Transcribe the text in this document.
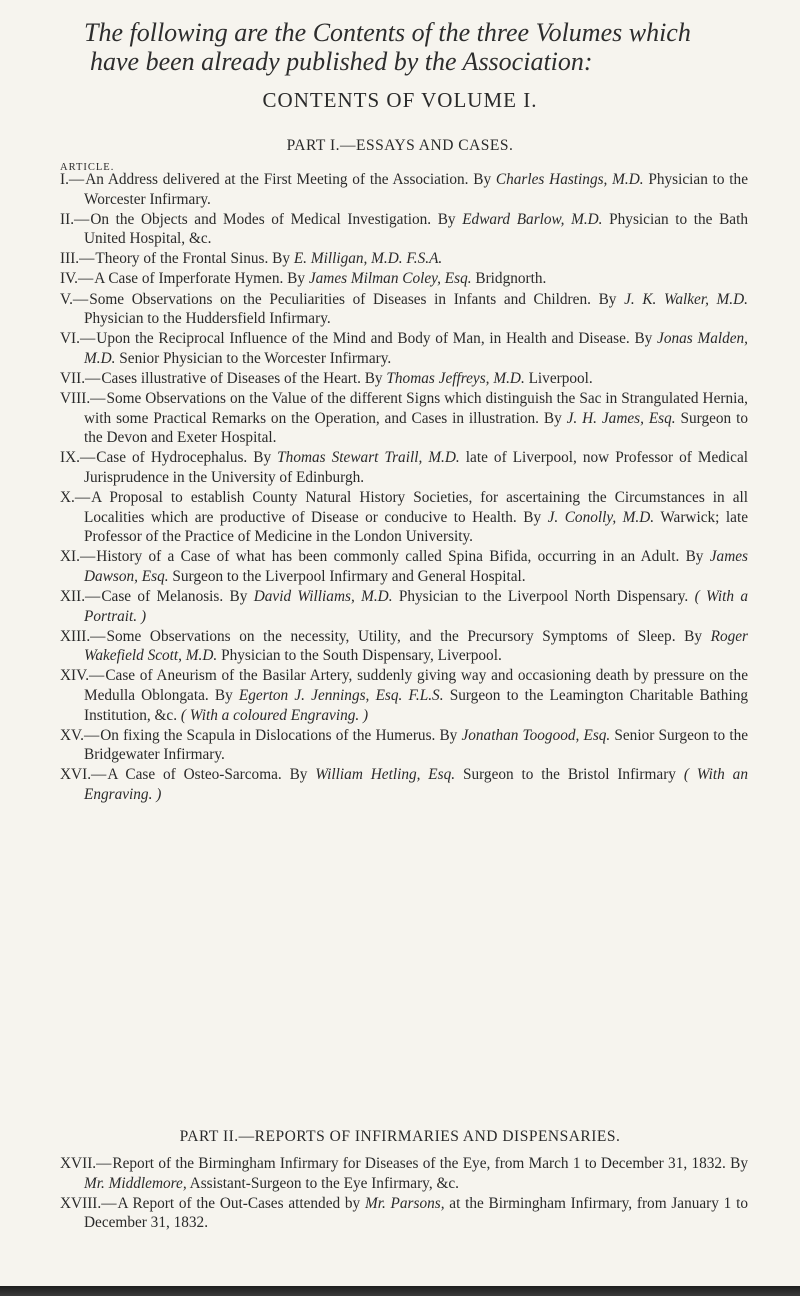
The following are the Contents of the three Volumes which

have been already published by the Association:
CONTENTS OF VOLUME I.
PART I.—ESSAYS AND CASES.
ARTICLE.
I.—An Address delivered at the First Meeting of the Association. By Charles Hastings, M.D. Physician to the Worcester Infirmary.
II.—On the Objects and Modes of Medical Investigation. By Edward Barlow, M.D. Physician to the Bath United Hospital, &c.
III.—Theory of the Frontal Sinus. By E. Milligan, M.D. F.S.A.
IV.—A Case of Imperforate Hymen. By James Milman Coley, Esq. Bridgnorth.
V.—Some Observations on the Peculiarities of Diseases in Infants and Children. By J. K. Walker, M.D. Physician to the Huddersfield Infirmary.
VI.—Upon the Reciprocal Influence of the Mind and Body of Man, in Health and Disease. By Jonas Malden, M.D. Senior Physician to the Worcester Infirmary.
VII.—Cases illustrative of Diseases of the Heart. By Thomas Jeffreys, M.D. Liverpool.
VIII.—Some Observations on the Value of the different Signs which distinguish the Sac in Strangulated Hernia, with some Practical Remarks on the Operation, and Cases in illustration. By J. H. James, Esq. Surgeon to the Devon and Exeter Hospital.
IX.—Case of Hydrocephalus. By Thomas Stewart Traill, M.D. late of Liverpool, now Professor of Medical Jurisprudence in the University of Edinburgh.
X.—A Proposal to establish County Natural History Societies, for ascertaining the Circumstances in all Localities which are productive of Disease or conducive to Health. By J. Conolly, M.D. Warwick; late Professor of the Practice of Medicine in the London University.
XI.—History of a Case of what has been commonly called Spina Bifida, occurring in an Adult. By James Dawson, Esq. Surgeon to the Liverpool Infirmary and General Hospital.
XII.—Case of Melanosis. By David Williams, M.D. Physician to the Liverpool North Dispensary. ( With a Portrait. )
XIII.—Some Observations on the necessity, Utility, and the Precursory Symptoms of Sleep. By Roger Wakefield Scott, M.D. Physician to the South Dispensary, Liverpool.
XIV.—Case of Aneurism of the Basilar Artery, suddenly giving way and occasioning death by pressure on the Medulla Oblongata. By Egerton J. Jennings, Esq. F.L.S. Surgeon to the Leamington Charitable Bathing Institution, &c. ( With a coloured Engraving. )
XV.—On fixing the Scapula in Dislocations of the Humerus. By Jonathan Toogood, Esq. Senior Surgeon to the Bridgewater Infirmary.
XVI.—A Case of Osteo-Sarcoma. By William Hetling, Esq. Surgeon to the Bristol Infirmary ( With an Engraving. )
PART II.—REPORTS OF INFIRMARIES AND DISPENSARIES.
XVII.—Report of the Birmingham Infirmary for Diseases of the Eye, from March 1 to December 31, 1832. By Mr. Middlemore, Assistant-Surgeon to the Eye Infirmary, &c.
XVIII.—A Report of the Out-Cases attended by Mr. Parsons, at the Birmingham Infirmary, from January 1 to December 31, 1832.
